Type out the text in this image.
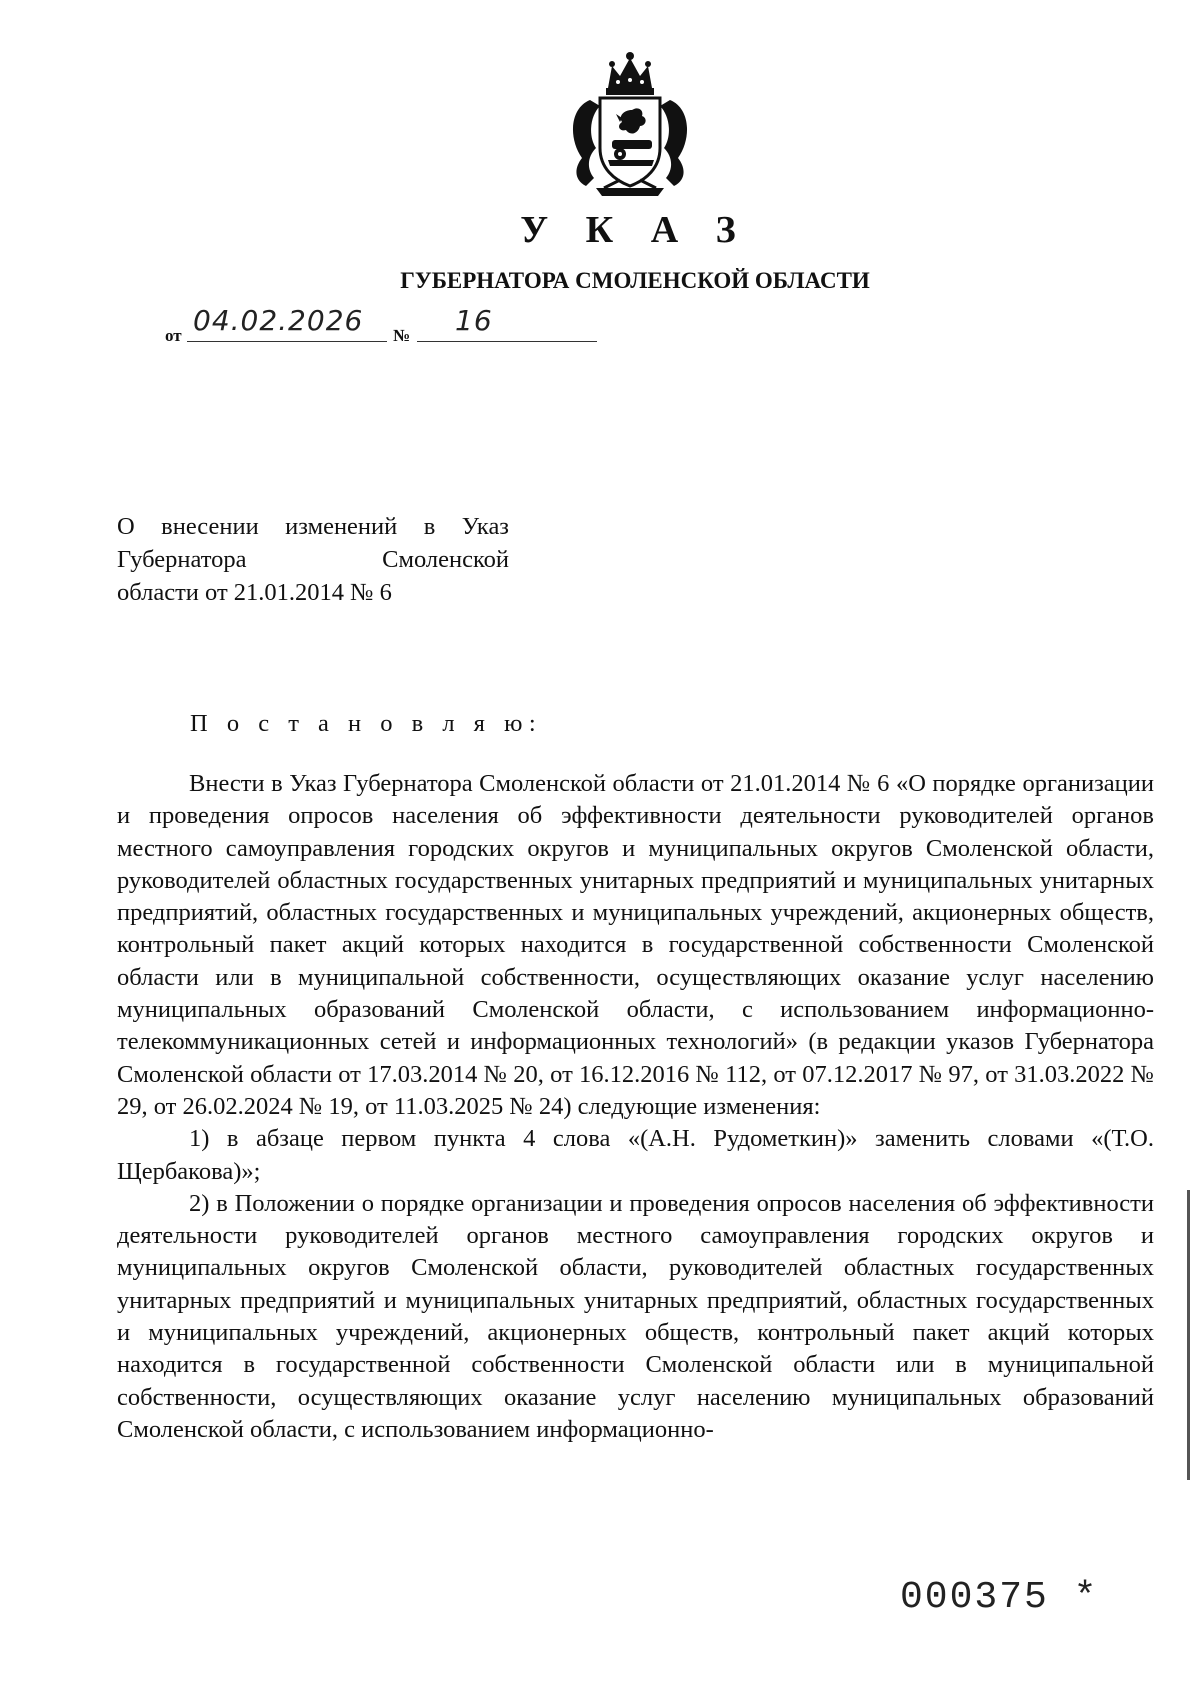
У К А З
ГУБЕРНАТОРА СМОЛЕНСКОЙ ОБЛАСТИ
от 04.02.2026 № 16
О внесении изменений в Указ
Губернатора Смоленской
области от 21.01.2014 № 6
П о с т а н о в л я ю:

Внести в Указ Губернатора Смоленской области от 21.01.2014 № 6 «О порядке организации и проведения опросов населения об эффективности деятельности руководителей органов местного самоуправления городских округов и муниципальных округов Смоленской области, руководителей областных государственных унитарных предприятий и муниципальных унитарных предприятий, областных государственных и муниципальных учреждений, акционерных обществ, контрольный пакет акций которых находится в государственной собственности Смоленской области или в муниципальной собственности, осуществляющих оказание услуг населению муниципальных образований Смоленской области, с использованием информационно-телекоммуникационных сетей и информационных технологий» (в редакции указов Губернатора Смоленской области от 17.03.2014 № 20, от 16.12.2016 № 112, от 07.12.2017 № 97, от 31.03.2022 № 29, от 26.02.2024 № 19, от 11.03.2025 № 24) следующие изменения:

1) в абзаце первом пункта 4 слова «(А.Н. Рудометкин)» заменить словами «(Т.О. Щербакова)»;

2) в Положении о порядке организации и проведения опросов населения об эффективности деятельности руководителей органов местного самоуправления городских округов и муниципальных округов Смоленской области, руководителей областных государственных унитарных предприятий и муниципальных унитарных предприятий, областных государственных и муниципальных учреждений, акционерных обществ, контрольный пакет акций которых находится в государственной собственности Смоленской области или в муниципальной собственности, осуществляющих оказание услуг населению муниципальных образований Смоленской области, с использованием информационно-

000375 *
